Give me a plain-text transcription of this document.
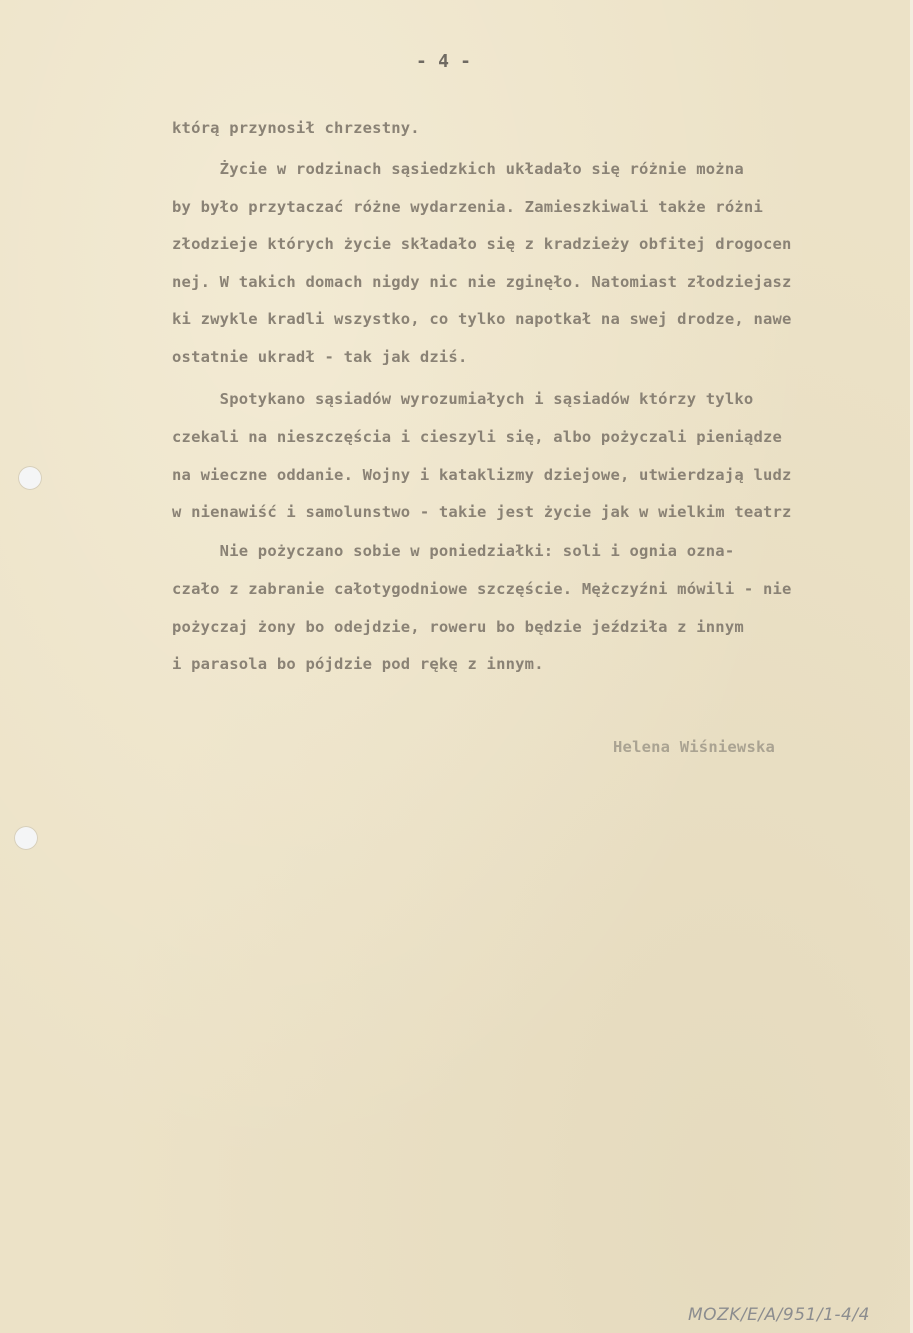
- 4 -
którą przynosił chrzestny.
Życie w rodzinach sąsiedzkich układało się różnie można
by było przytaczać różne wydarzenia. Zamieszkiwali także różni
złodzieje których życie składało się z kradzieży obfitej drogocen
nej. W takich domach nigdy nic nie zginęło. Natomiast złodziejasz
ki zwykle kradli wszystko, co tylko napotkał na swej drodze, nawe
ostatnie ukradł - tak jak dziś.
Spotykano sąsiadów wyrozumiałych i sąsiadów którzy tylko
czekali na nieszczęścia i cieszyli się, albo pożyczali pieniądze
na wieczne oddanie. Wojny i kataklizmy dziejowe, utwierdzają ludz
w nienawiść i samolunstwo - takie jest życie jak w wielkim teatrz
Nie pożyczano sobie w poniedziałki: soli i ognia ozna-
czało z zabranie całotygodniowe szczęście. Mężczyźni mówili - nie
pożyczaj żony bo odejdzie, roweru bo będzie jeździła z innym
i parasola bo pójdzie pod rękę z innym.
Helena Wiśniewska
MOZK/E/A/951/1-4/4
